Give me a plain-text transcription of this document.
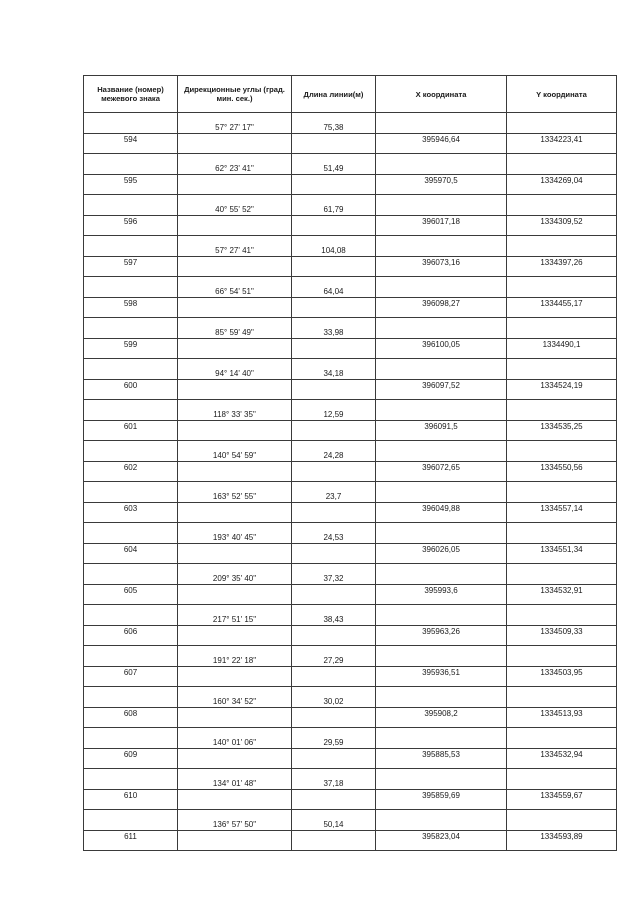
Название (номер) межевого знака	Дирекционные углы (град. мин. сек.)	Длина линии(м)	X координата	Y координата
	57° 27' 17"	75,38		
594			395946,64	1334223,41
	62° 23' 41"	51,49		
595			395970,5	1334269,04
	40° 55' 52"	61,79		
596			396017,18	1334309,52
	57° 27' 41"	104,08		
597			396073,16	1334397,26
	66° 54' 51"	64,04		
598			396098,27	1334455,17
	85° 59' 49"	33,98		
599			396100,05	1334490,1
	94° 14' 40"	34,18		
600			396097,52	1334524,19
	118° 33' 35"	12,59		
601			396091,5	1334535,25
	140° 54' 59"	24,28		
602			396072,65	1334550,56
	163° 52' 55"	23,7		
603			396049,88	1334557,14
	193° 40' 45"	24,53		
604			396026,05	1334551,34
	209° 35' 40"	37,32		
605			395993,6	1334532,91
	217° 51' 15"	38,43		
606			395963,26	1334509,33
	191° 22' 18"	27,29		
607			395936,51	1334503,95
	160° 34' 52"	30,02		
608			395908,2	1334513,93
	140° 01' 06"	29,59		
609			395885,53	1334532,94
	134° 01' 48"	37,18		
610			395859,69	1334559,67
	136° 57' 50"	50,14		
611			395823,04	1334593,89
